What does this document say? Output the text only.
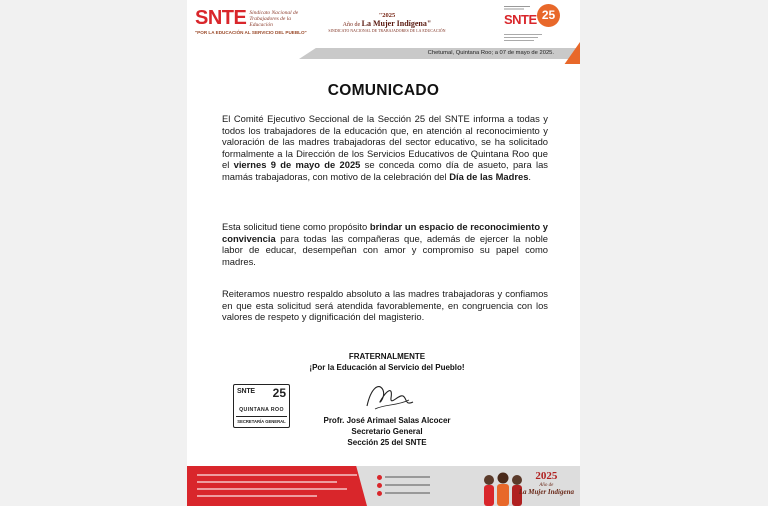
SNTE Sindicato Nacional de Trabajadores de la Educación
"POR LA EDUCACIÓN AL SERVICIO DEL PUEBLO"
"2025
Año de La Mujer Indígena"
SINDICATO NACIONAL DE TRABAJADORES DE LA EDUCACIÓN
SNTE 25
Chetumal, Quintana Roo; a 07 de mayo de 2025.
COMUNICADO
El Comité Ejecutivo Seccional de la Sección 25 del SNTE informa a todas y todos los trabajadores de la educación que, en atención al reconocimiento y valoración de las madres trabajadoras del sector educativo, se ha solicitado formalmente a la Dirección de los Servicios Educativos de Quintana Roo que el viernes 9 de mayo de 2025 se conceda como día de asueto, para las mamás trabajadoras, con motivo de la celebración del Día de las Madres.
Esta solicitud tiene como propósito brindar un espacio de reconocimiento y convivencia para todas las compañeras que, además de ejercer la noble labor de educar, desempeñan con amor y compromiso su papel como madres.
Reiteramos nuestro respaldo absoluto a las madres trabajadoras y confiamos en que esta solicitud será atendida favorablemente, en congruencia con los valores de respeto y dignificación del magisterio.
FRATERNALMENTE
¡Por la Educación al Servicio del Pueblo!
SNTE 25
QUINTANA ROO
SECRETARÍA GENERAL	Profr. José Arimael Salas Alcocer
Secretario General
Sección 25 del SNTE
2025
Año de
La Mujer Indígena
